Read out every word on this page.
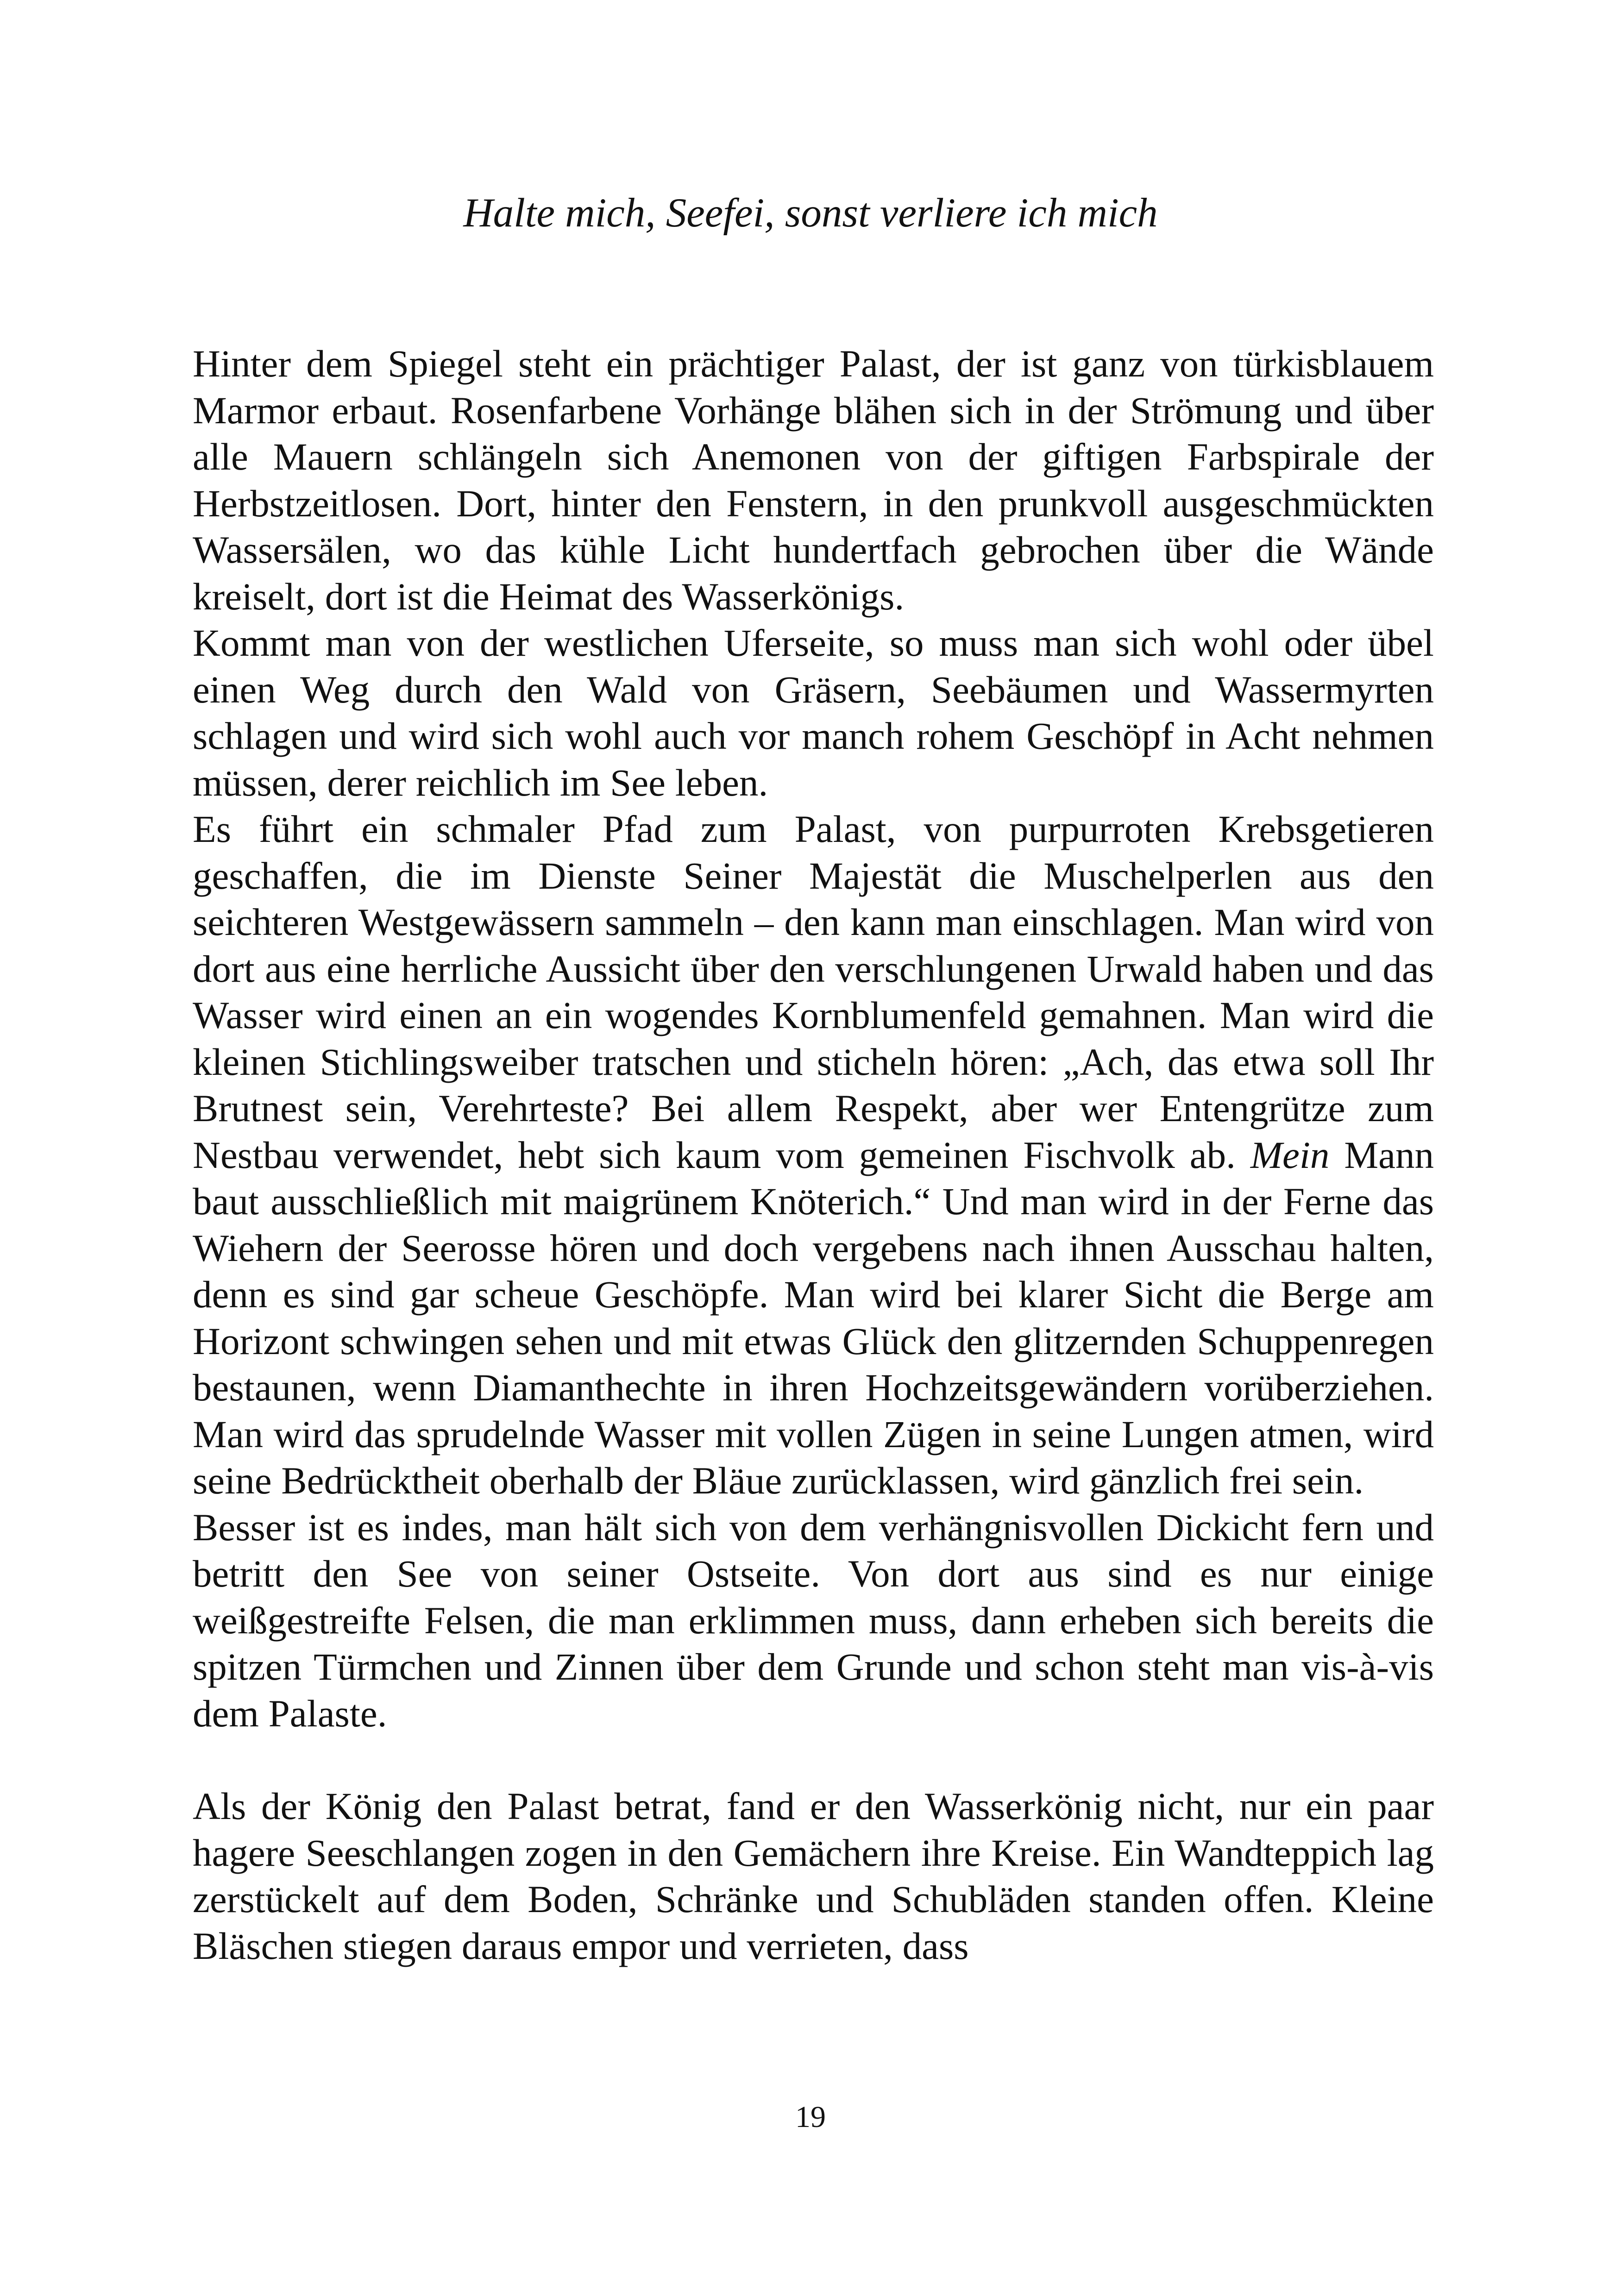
Halte mich, Seefei, sonst verliere ich mich

Hinter dem Spiegel steht ein prächtiger Palast, der ist ganz von türkisblauem Marmor erbaut. Rosenfarbene Vorhänge blähen sich in der Strömung und über alle Mauern schlängeln sich Anemonen von der giftigen Farbspirale der Herbstzeitlosen. Dort, hinter den Fenstern, in den prunkvoll ausgeschmückten Wassersälen, wo das kühle Licht hundertfach gebrochen über die Wände kreiselt, dort ist die Heimat des Wasserkönigs.

Kommt man von der westlichen Uferseite, so muss man sich wohl oder übel einen Weg durch den Wald von Gräsern, Seebäumen und Wassermyrten schlagen und wird sich wohl auch vor manch rohem Geschöpf in Acht nehmen müssen, derer reichlich im See leben.

Es führt ein schmaler Pfad zum Palast, von purpurroten Krebsgetieren geschaffen, die im Dienste Seiner Majestät die Muschelperlen aus den seichteren Westgewässern sammeln – den kann man einschlagen. Man wird von dort aus eine herrliche Aussicht über den verschlungenen Urwald haben und das Wasser wird einen an ein wogendes Kornblumenfeld gemahnen. Man wird die kleinen Stichlingsweiber tratschen und sticheln hören: „Ach, das etwa soll Ihr Brutnest sein, Verehrteste? Bei allem Respekt, aber wer Entengrütze zum Nestbau verwendet, hebt sich kaum vom gemeinen Fischvolk ab. Mein Mann baut ausschließlich mit maigrünem Knöterich.“ Und man wird in der Ferne das Wiehern der Seerosse hören und doch vergebens nach ihnen Ausschau halten, denn es sind gar scheue Geschöpfe. Man wird bei klarer Sicht die Berge am Horizont schwingen sehen und mit etwas Glück den glitzernden Schuppenregen bestaunen, wenn Diamanthechte in ihren Hochzeitsgewändern vorüberziehen. Man wird das sprudelnde Wasser mit vollen Zügen in seine Lungen atmen, wird seine Bedrücktheit oberhalb der Bläue zurücklassen, wird gänzlich frei sein.

Besser ist es indes, man hält sich von dem verhängnisvollen Dickicht fern und betritt den See von seiner Ostseite. Von dort aus sind es nur einige weißgestreifte Felsen, die man erklimmen muss, dann erheben sich bereits die spitzen Türmchen und Zinnen über dem Grunde und schon steht man vis-à-vis dem Palaste.

Als der König den Palast betrat, fand er den Wasserkönig nicht, nur ein paar hagere Seeschlangen zogen in den Gemächern ihre Kreise. Ein Wandteppich lag zerstückelt auf dem Boden, Schränke und Schubläden standen offen. Kleine Bläschen stiegen daraus empor und verrieten, dass

19
